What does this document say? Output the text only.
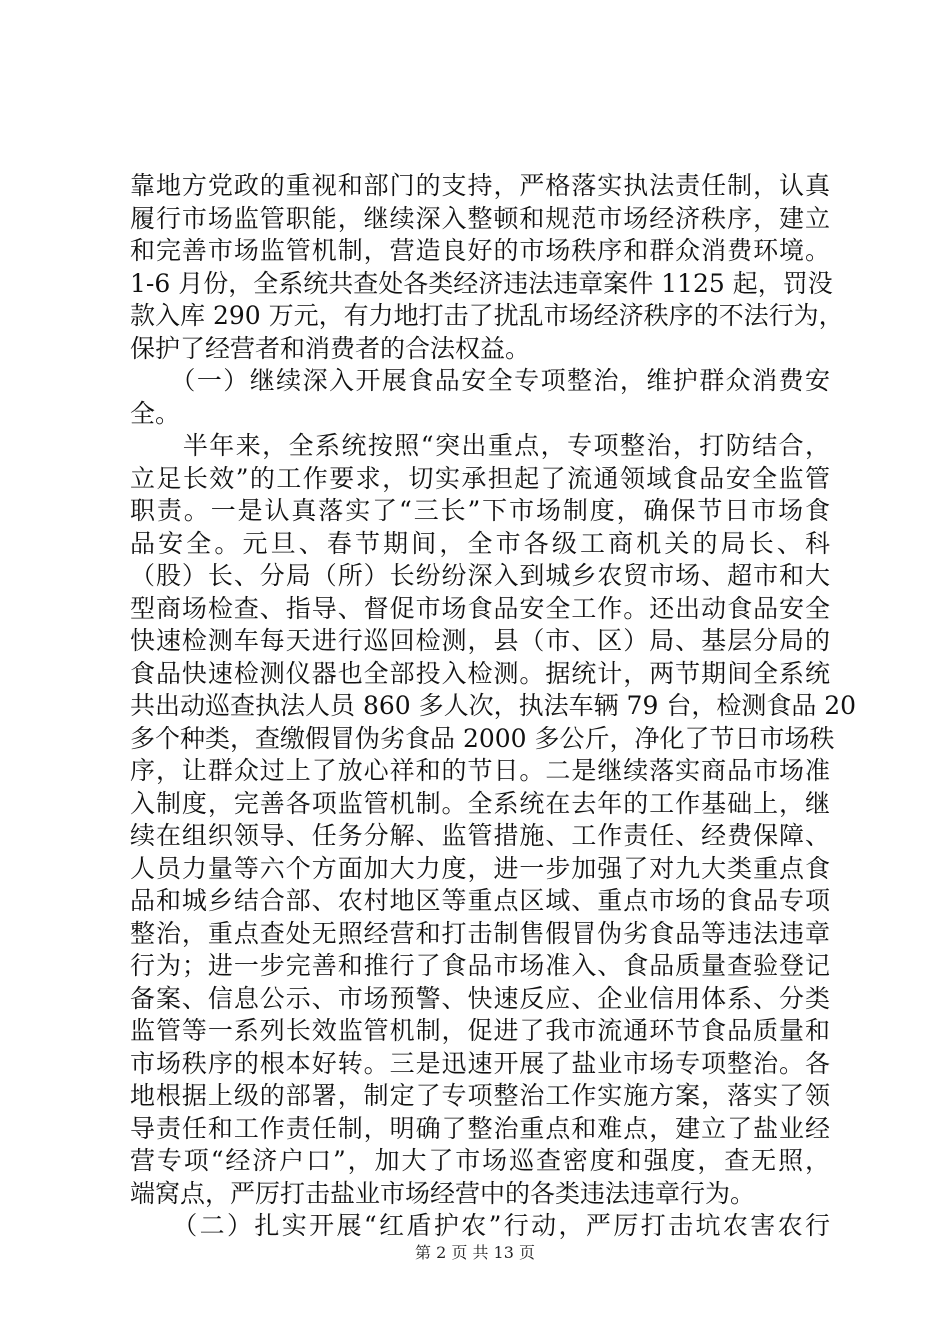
靠地方党政的重视和部门的支持，严格落实执法责任制，认真
履行市场监管职能，继续深入整顿和规范市场经济秩序，建立
和完善市场监管机制，营造良好的市场秩序和群众消费环境。
1-6 月份，全系统共查处各类经济违法违章案件 1125 起，罚没
款入库 290 万元，有力地打击了扰乱市场经济秩序的不法行为，
保护了经营者和消费者的合法权益。
　　（一）继续深入开展食品安全专项整治，维护群众消费安
全。
　　半年来，全系统按照“突出重点，专项整治，打防结合，
立足长效”的工作要求，切实承担起了流通领域食品安全监管
职责。一是认真落实了“三长”下市场制度，确保节日市场食
品安全。元旦、春节期间，全市各级工商机关的局长、科
（股）长、分局（所）长纷纷深入到城乡农贸市场、超市和大
型商场检查、指导、督促市场食品安全工作。还出动食品安全
快速检测车每天进行巡回检测，县（市、区）局、基层分局的
食品快速检测仪器也全部投入检测。据统计，两节期间全系统
共出动巡查执法人员 860 多人次，执法车辆 79 台，检测食品 20
多个种类，查缴假冒伪劣食品 2000 多公斤，净化了节日市场秩
序，让群众过上了放心祥和的节日。二是继续落实商品市场准
入制度，完善各项监管机制。全系统在去年的工作基础上，继
续在组织领导、任务分解、监管措施、工作责任、经费保障、
人员力量等六个方面加大力度，进一步加强了对九大类重点食
品和城乡结合部、农村地区等重点区域、重点市场的食品专项
整治，重点查处无照经营和打击制售假冒伪劣食品等违法违章
行为；进一步完善和推行了食品市场准入、食品质量查验登记
备案、信息公示、市场预警、快速反应、企业信用体系、分类
监管等一系列长效监管机制，促进了我市流通环节食品质量和
市场秩序的根本好转。三是迅速开展了盐业市场专项整治。各
地根据上级的部署，制定了专项整治工作实施方案，落实了领
导责任和工作责任制，明确了整治重点和难点，建立了盐业经
营专项“经济户口”，加大了市场巡查密度和强度，查无照，
端窝点，严厉打击盐业市场经营中的各类违法违章行为。
　　（二）扎实开展“红盾护农”行动，严厉打击坑农害农行
第 2 页 共 13 页
